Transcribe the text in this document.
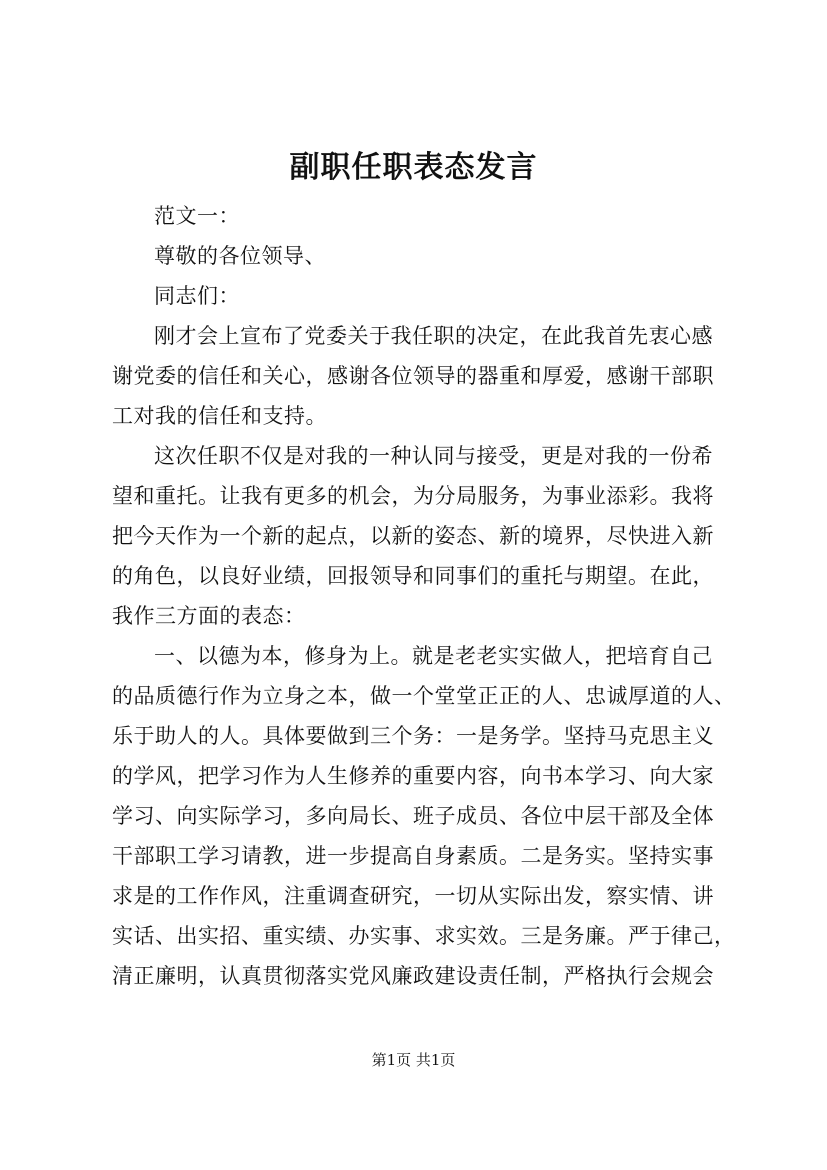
副职任职表态发言
范文一：
尊敬的各位领导、
同志们：
刚才会上宣布了党委关于我任职的决定，在此我首先衷心感
谢党委的信任和关心，感谢各位领导的器重和厚爱，感谢干部职
工对我的信任和支持。
这次任职不仅是对我的一种认同与接受，更是对我的一份希
望和重托。让我有更多的机会，为分局服务，为事业添彩。我将
把今天作为一个新的起点，以新的姿态、新的境界，尽快进入新
的角色，以良好业绩，回报领导和同事们的重托与期望。在此，
我作三方面的表态：
一、以德为本，修身为上。就是老老实实做人，把培育自己
的品质德行作为立身之本，做一个堂堂正正的人、忠诚厚道的人、
乐于助人的人。具体要做到三个务：一是务学。坚持马克思主义
的学风，把学习作为人生修养的重要内容，向书本学习、向大家
学习、向实际学习，多向局长、班子成员、各位中层干部及全体
干部职工学习请教，进一步提高自身素质。二是务实。坚持实事
求是的工作作风，注重调查研究，一切从实际出发，察实情、讲
实话、出实招、重实绩、办实事、求实效。三是务廉。严于律己，
清正廉明，认真贯彻落实党风廉政建设责任制，严格执行会规会
第1页 共1页
